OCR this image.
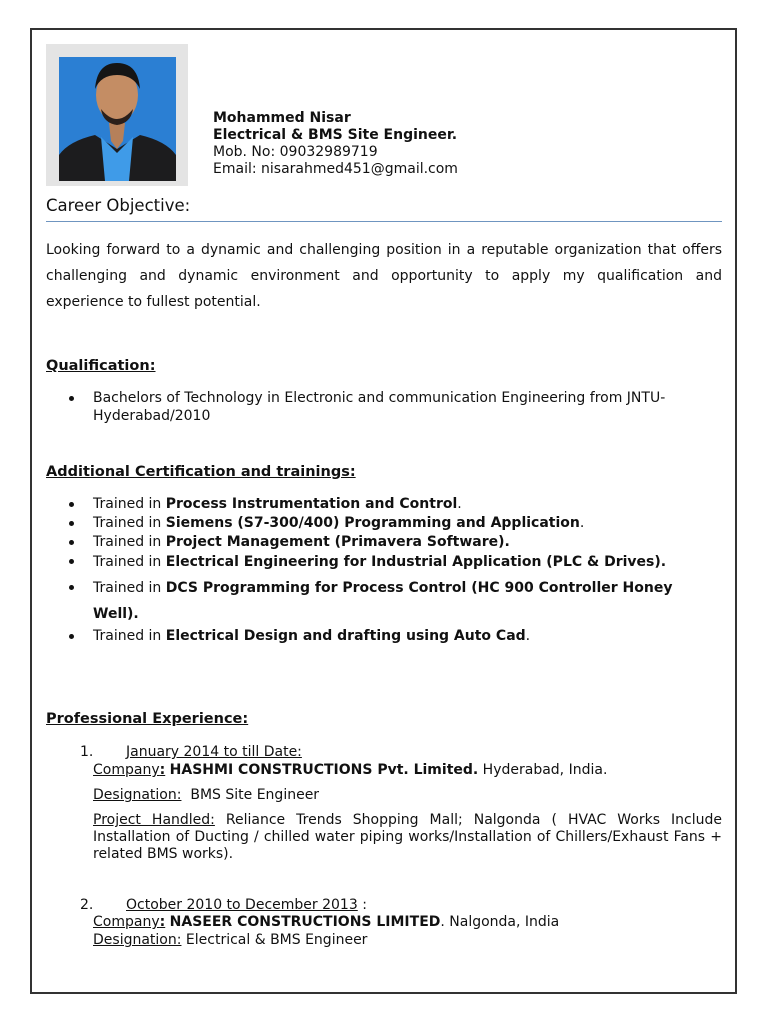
Mohammed Nisar
Electrical & BMS Site Engineer.
Mob. No: 09032989719
Email: nisarahmed451@gmail.com
Career Objective:
Looking forward to a dynamic and challenging position in a reputable organization that offers challenging and dynamic environment and opportunity to apply my qualification and experience to fullest potential.
Qualification:
Bachelors of Technology in Electronic and communication Engineering from JNTU-Hyderabad/2010
Additional Certification and trainings:
Trained in Process Instrumentation and Control.
Trained in Siemens (S7-300/400) Programming and Application.
Trained in Project Management (Primavera Software).
Trained in Electrical Engineering for Industrial Application (PLC & Drives).
Trained in DCS Programming for Process Control (HC 900 Controller Honey Well).
Trained in Electrical Design and drafting using Auto Cad.
Professional Experience:
1. January 2014 to till Date:
Company: HASHMI CONSTRUCTIONS Pvt. Limited. Hyderabad, India.
Designation: BMS Site Engineer
Project Handled: Reliance Trends Shopping Mall; Nalgonda ( HVAC Works Include Installation of Ducting / chilled water piping works/Installation of Chillers/Exhaust Fans + related BMS works).
2. October 2010 to December 2013 :
Company: NASEER CONSTRUCTIONS LIMITED. Nalgonda, India
Designation: Electrical & BMS Engineer
